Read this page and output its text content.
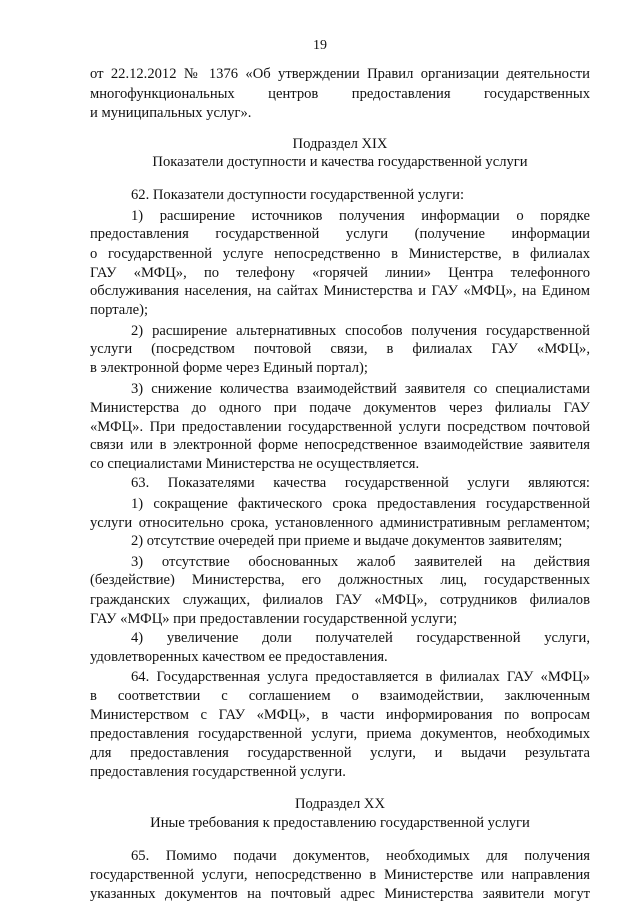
19
от 22.12.2012 № 1376 «Об утверждении Правил организации деятельности
многофункциональных центров предоставления государственных
и муниципальных услуг».
Подраздел XIX
Показатели доступности и качества государственной услуги
62. Показатели доступности государственной услуги:
1) расширение источников получения информации о порядке
предоставления государственной услуги (получение информации
о государственной услуге непосредственно в Министерстве, в филиалах
ГАУ «МФЦ», по телефону «горячей линии» Центра телефонного
обслуживания населения, на сайтах Министерства и ГАУ «МФЦ», на Едином
портале);
2) расширение альтернативных способов получения государственной
услуги (посредством почтовой связи, в филиалах ГАУ «МФЦ»,
в электронной форме через Единый портал);
3) снижение количества взаимодействий заявителя со специалистами
Министерства до одного при подаче документов через филиалы ГАУ
«МФЦ». При предоставлении государственной услуги посредством почтовой
связи или в электронной форме непосредственное взаимодействие заявителя
со специалистами Министерства не осуществляется.
63. Показателями качества государственной услуги являются:
1) сокращение фактического срока предоставления государственной
услуги относительно срока, установленного административным регламентом;
2) отсутствие очередей при приеме и выдаче документов заявителям;
3) отсутствие обоснованных жалоб заявителей на действия
(бездействие) Министерства, его должностных лиц, государственных
гражданских служащих, филиалов ГАУ «МФЦ», сотрудников филиалов
ГАУ «МФЦ» при предоставлении государственной услуги;
4) увеличение доли получателей государственной услуги,
удовлетворенных качеством ее предоставления.
64. Государственная услуга предоставляется в филиалах ГАУ «МФЦ»
в соответствии с соглашением о взаимодействии, заключенным
Министерством с ГАУ «МФЦ», в части информирования по вопросам
предоставления государственной услуги, приема документов, необходимых
для предоставления государственной услуги, и выдачи результата
предоставления государственной услуги.
Подраздел XX
Иные требования к предоставлению государственной услуги
65. Помимо подачи документов, необходимых для получения
государственной услуги, непосредственно в Министерстве или направления
указанных документов на почтовый адрес Министерства заявители могут
